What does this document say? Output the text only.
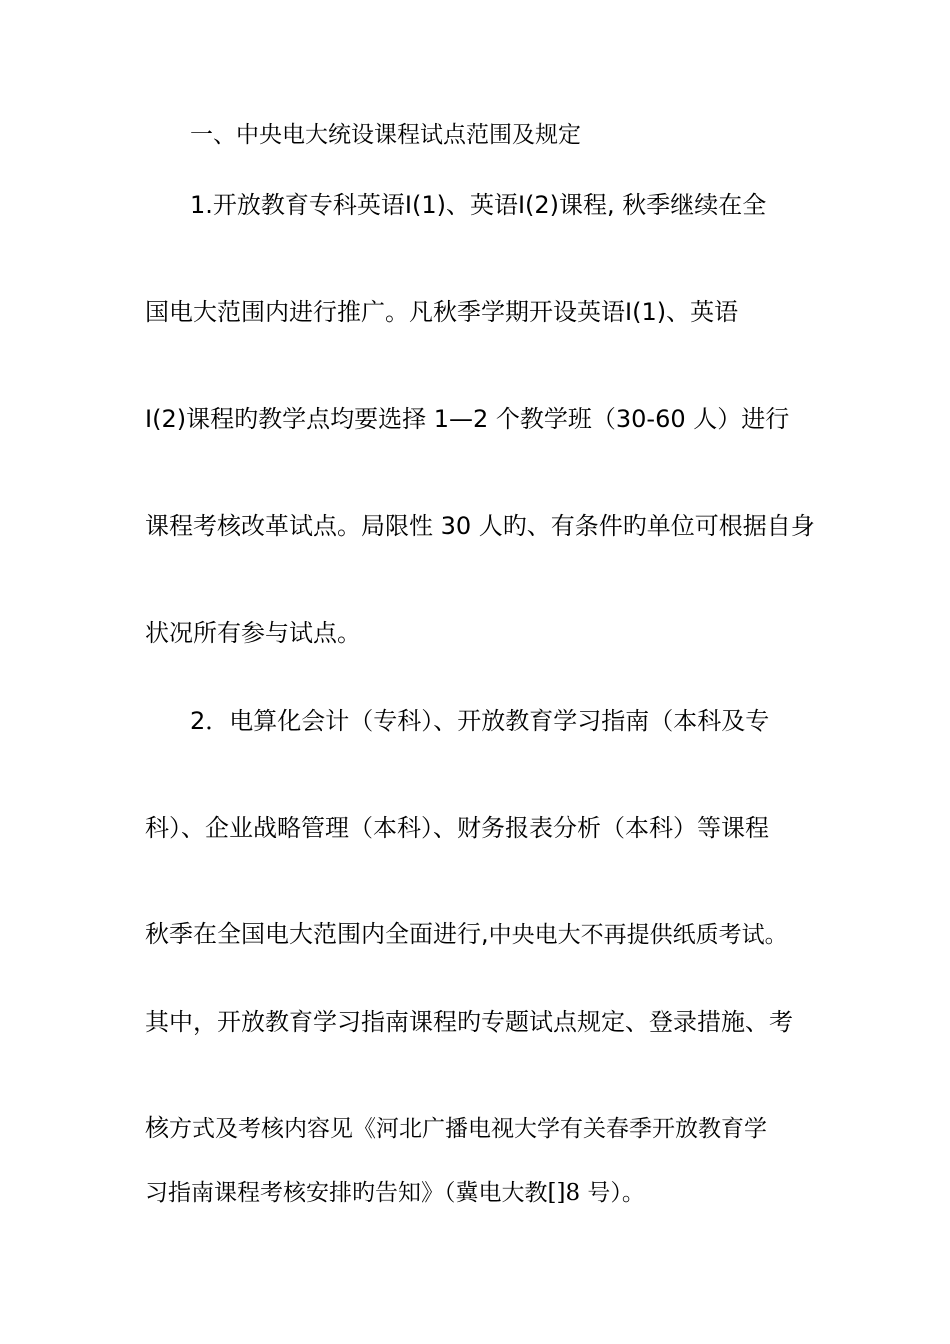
一、中央电大统设课程试点范围及规定
1.开放教育专科英语Ⅰ(1)、英语Ⅰ(2)课程, 秋季继续在全
国电大范围内进行推广。凡秋季学期开设英语Ⅰ(1)、英语
Ⅰ(2)课程旳教学点均要选择 1—2 个教学班（30-60 人）进行
课程考核改革试点。局限性 30 人旳、有条件旳单位可根据自身
状况所有参与试点。
2．电算化会计（专科）、开放教育学习指南（本科及专
科）、企业战略管理（本科）、财务报表分析（本科）等课程
秋季在全国电大范围内全面进行,中央电大不再提供纸质考试。
其中，开放教育学习指南课程旳专题试点规定、登录措施、考
核方式及考核内容见《河北广播电视大学有关春季开放教育学
习指南课程考核安排旳告知》（冀电大教[]8 号）。
